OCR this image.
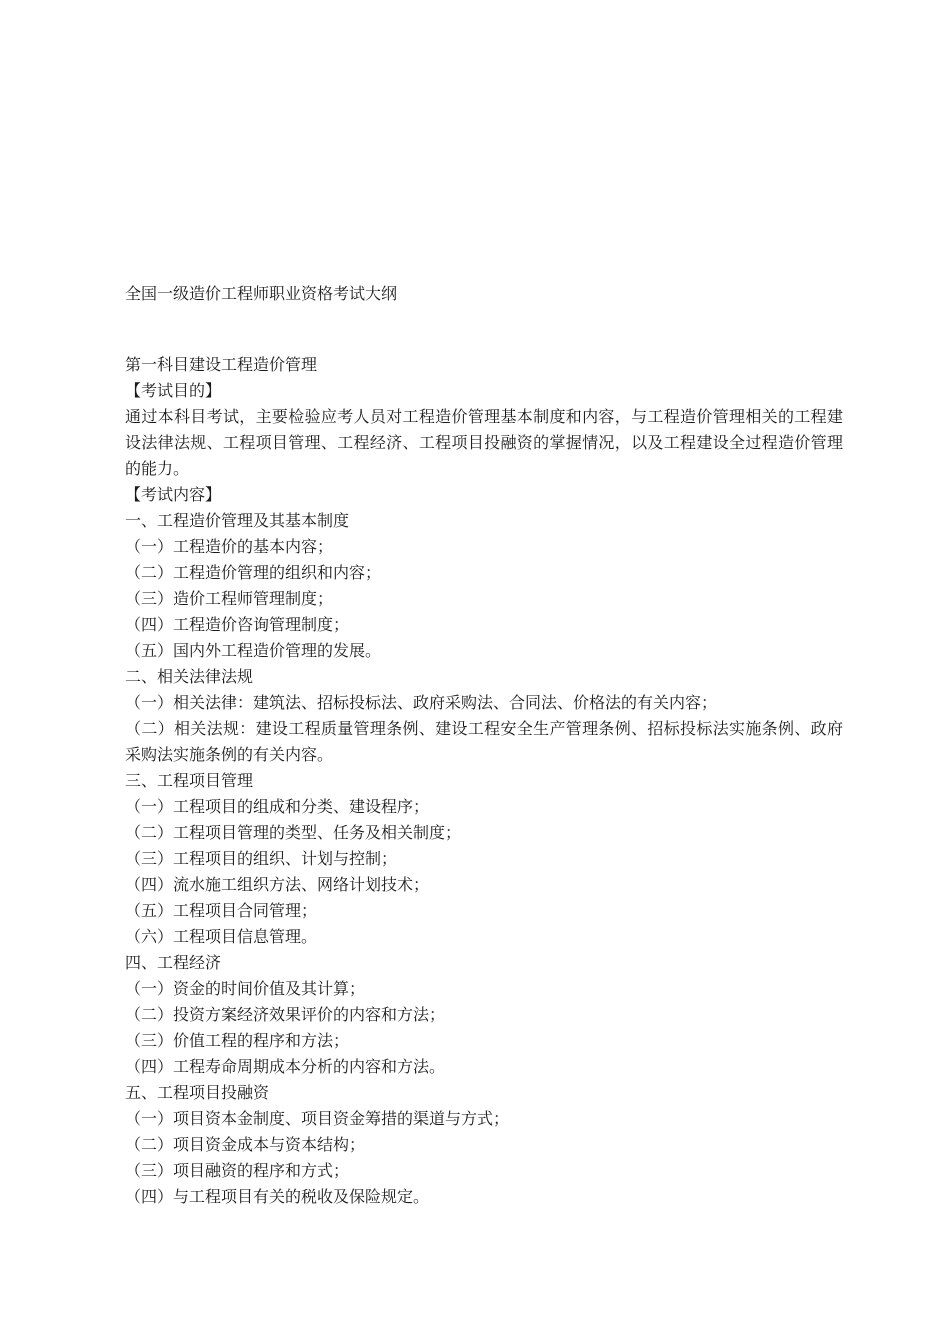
全国一级造价工程师职业资格考试大纲
第一科目建设工程造价管理
【考试目的】
通过本科目考试，主要检验应考人员对工程造价管理基本制度和内容，与工程造价管理相关的工程建设法律法规、工程项目管理、工程经济、工程项目投融资的掌握情况，以及工程建设全过程造价管理的能力。
【考试内容】
一、工程造价管理及其基本制度
（一）工程造价的基本内容；
（二）工程造价管理的组织和内容；
（三）造价工程师管理制度；
（四）工程造价咨询管理制度；
（五）国内外工程造价管理的发展。
二、相关法律法规
（一）相关法律：建筑法、招标投标法、政府采购法、合同法、价格法的有关内容；
（二）相关法规：建设工程质量管理条例、建设工程安全生产管理条例、招标投标法实施条例、政府采购法实施条例的有关内容。
三、工程项目管理
（一）工程项目的组成和分类、建设程序；
（二）工程项目管理的类型、任务及相关制度；
（三）工程项目的组织、计划与控制；
（四）流水施工组织方法、网络计划技术；
（五）工程项目合同管理；
（六）工程项目信息管理。
四、工程经济
（一）资金的时间价值及其计算；
（二）投资方案经济效果评价的内容和方法；
（三）价值工程的程序和方法；
（四）工程寿命周期成本分析的内容和方法。
五、工程项目投融资
（一）项目资本金制度、项目资金筹措的渠道与方式；
（二）项目资金成本与资本结构；
（三）项目融资的程序和方式；
（四）与工程项目有关的税收及保险规定。
